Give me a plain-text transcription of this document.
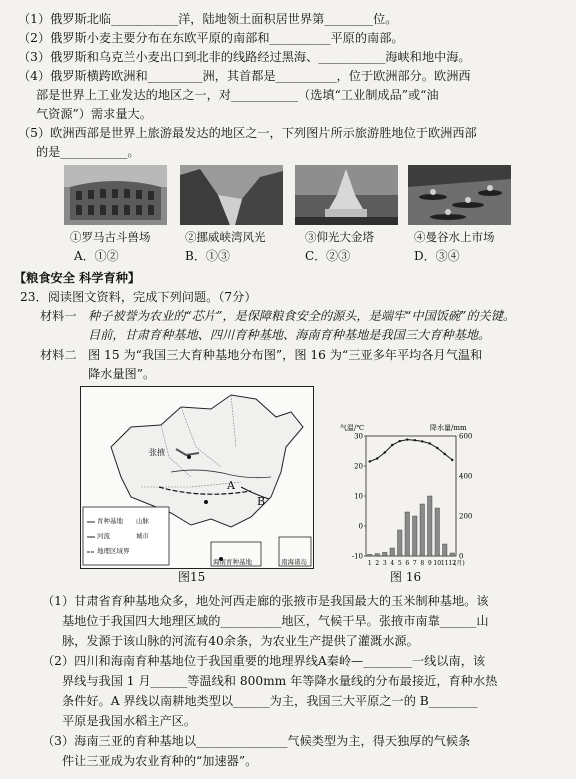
（1）俄罗斯北临___________洋，陆地领土面积居世界第________位。
（2）俄罗斯小麦主要分布在东欧平原的南部和__________平原的南部。
（3）俄罗斯和乌克兰小麦出口到北非的线路经过黑海、___________海峡和地中海。
（4）俄罗斯横跨欧洲和_________洲，其首都是__________，位于欧洲部分。欧洲西
部是世界上工业发达的地区之一，对___________（选填“工业制成品”或“油
气资源”）需求量大。
（5）欧洲西部是世界上旅游最发达的地区之一，下列图片所示旅游胜地位于欧洲西部
的是___________。
①罗马古斗兽场	②挪威峡湾风光	③仰光大金塔	④曼谷水上市场
A．①②	B．①③	C．②③	D．③④
【粮食安全 科学育种】
23．阅读图文资料，完成下列问题。（7分）
材料一 种子被誉为农业的“芯片”，是保障粮食安全的源头，是端牢“中国饭碗”的关键。
目前，甘肃育种基地、四川育种基地、海南育种基地是我国三大育种基地。
材料二 图 15 为“我国三大育种基地分布图”，图 16 为“三亚多年平均各月气温和
降水量图”。
张掖
A
B
育种基地 山脉
河流	城市
地理区域界
海南育种基地	南海诸岛
气温/℃	降水量/mm
30
20
10
0
-10
600
400
200
0
1 2 3 4 5 6 7 8 9 10 11 12
(月)
图15	图 16
（1）甘肃省育种基地众多，地处河西走廊的张掖市是我国最大的玉米制种基地。该
基地位于我国四大地理区域的__________地区，气候干旱。张掖市南靠______山
脉，发源于该山脉的河流有40余条，为农业生产提供了灌溉水源。
（2）四川和海南育种基地位于我国重要的地理界线A秦岭—________一线以南，该
界线与我国 1 月______等温线和 800mm 年等降水量线的分布最接近，育种水热
条件好。A 界线以南耕地类型以______为主，我国三大平原之一的 B________
平原是我国水稻主产区。
（3）海南三亚的育种基地以_______________气候类型为主，得天独厚的气候条
件让三亚成为农业育种的“加速器”。
